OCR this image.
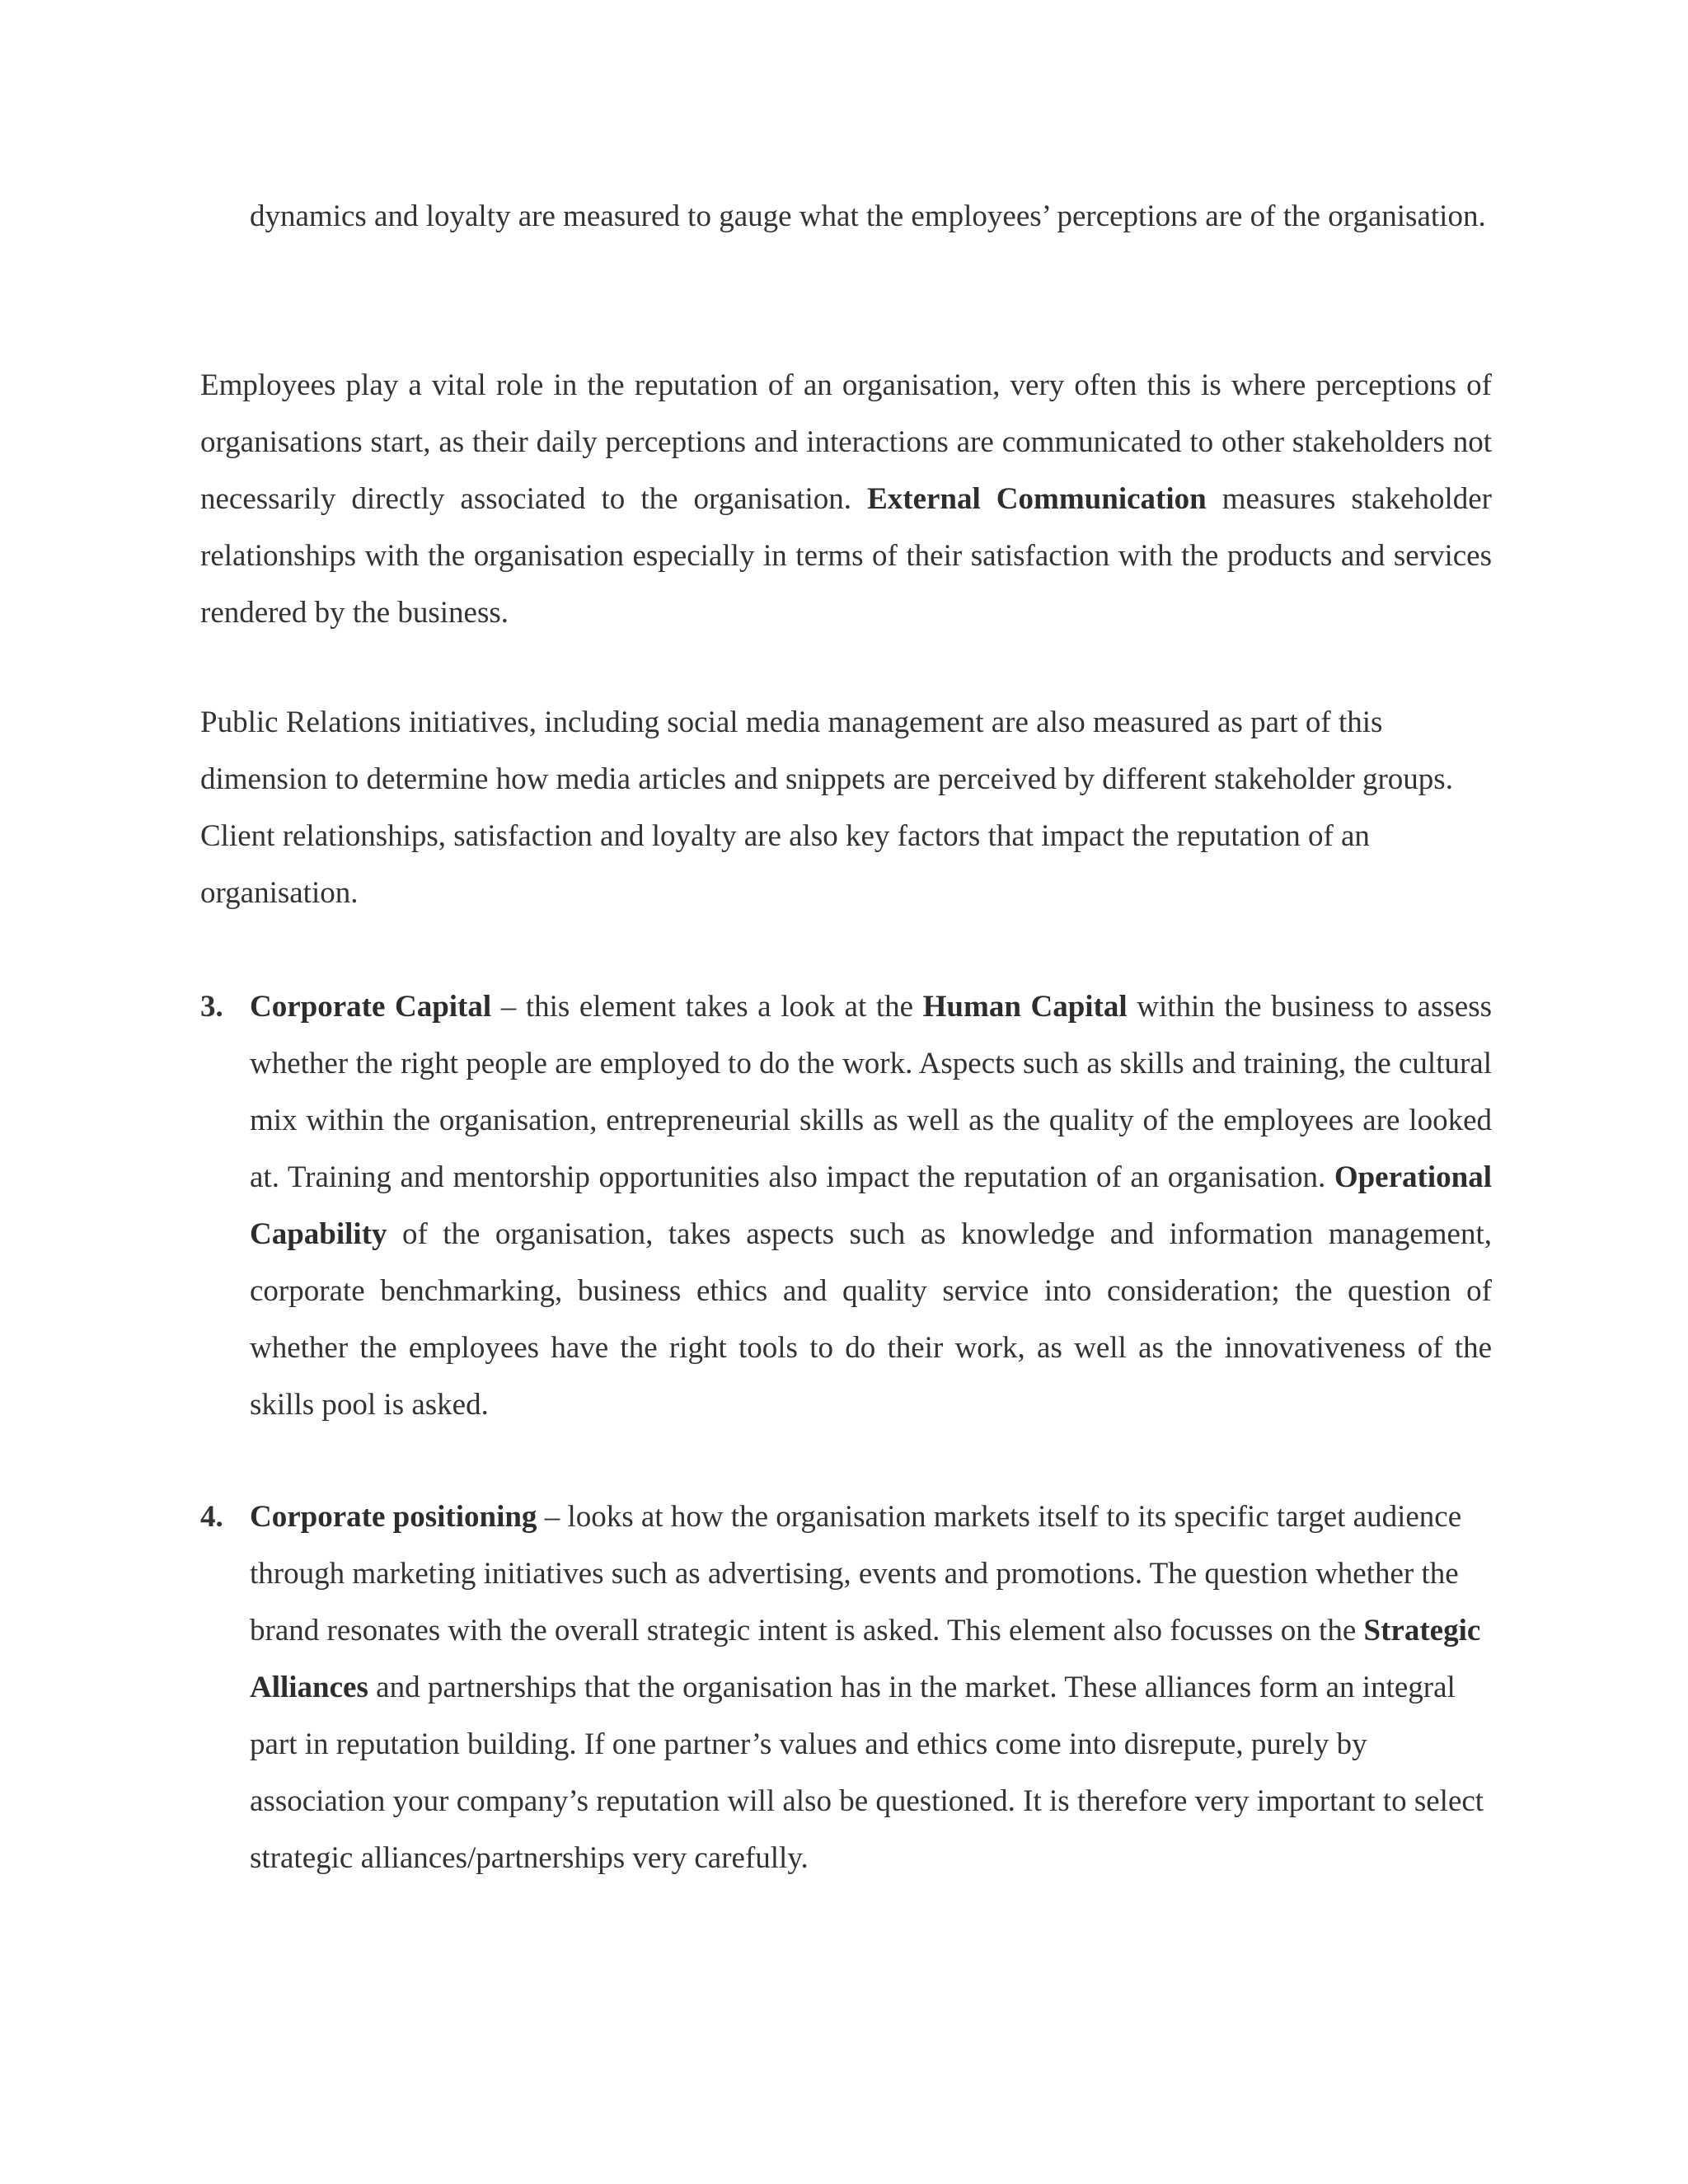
dynamics and loyalty are measured to gauge what the employees’ perceptions are of the organisation.

Employees play a vital role in the reputation of an organisation, very often this is where perceptions of organisations start, as their daily perceptions and interactions are communicated to other stakeholders not necessarily directly associated to the organisation. External Communication measures stakeholder relationships with the organisation especially in terms of their satisfaction with the products and services rendered by the business.

Public Relations initiatives, including social media management are also measured as part of this dimension to determine how media articles and snippets are perceived by different stakeholder groups. Client relationships, satisfaction and loyalty are also key factors that impact the reputation of an organisation.

3. Corporate Capital – this element takes a look at the Human Capital within the business to assess whether the right people are employed to do the work. Aspects such as skills and training, the cultural mix within the organisation, entrepreneurial skills as well as the quality of the employees are looked at. Training and mentorship opportunities also impact the reputation of an organisation. Operational Capability of the organisation, takes aspects such as knowledge and information management, corporate benchmarking, business ethics and quality service into consideration; the question of whether the employees have the right tools to do their work, as well as the innovativeness of the skills pool is asked.
4. Corporate positioning – looks at how the organisation markets itself to its specific target audience through marketing initiatives such as advertising, events and promotions. The question whether the brand resonates with the overall strategic intent is asked. This element also focusses on the Strategic Alliances and partnerships that the organisation has in the market. These alliances form an integral part in reputation building. If one partner’s values and ethics come into disrepute, purely by association your company’s reputation will also be questioned. It is therefore very important to select strategic alliances/partnerships very carefully.
